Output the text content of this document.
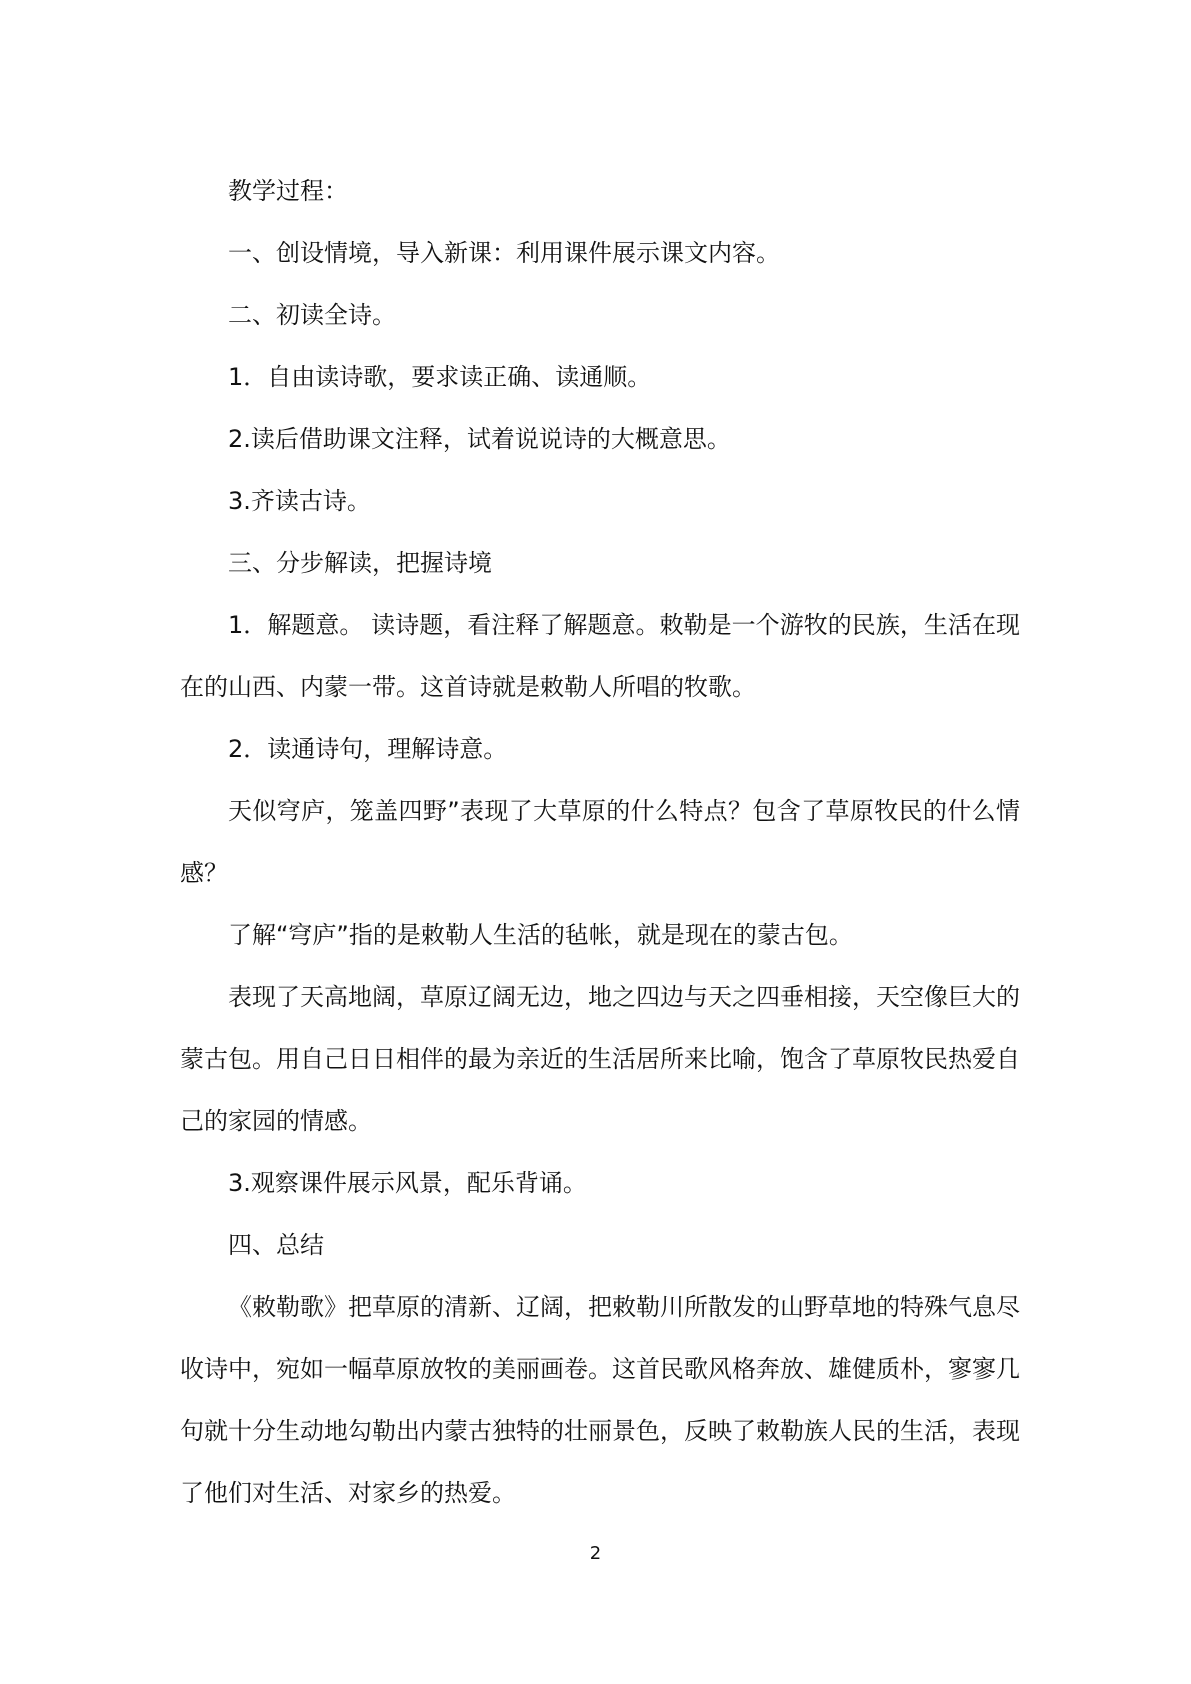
教学过程：

一、创设情境，导入新课：利用课件展示课文内容。

二、初读全诗。

1．自由读诗歌，要求读正确、读通顺。

2.读后借助课文注释，试着说说诗的大概意思。

3.齐读古诗。

三、分步解读，把握诗境

1．解题意。 读诗题，看注释了解题意。敕勒是一个游牧的民族，生活在现在的山西、内蒙一带。这首诗就是敕勒人所唱的牧歌。

2．读通诗句，理解诗意。

天似穹庐，笼盖四野”表现了大草原的什么特点？包含了草原牧民的什么情感？

了解“穹庐”指的是敕勒人生活的毡帐，就是现在的蒙古包。

表现了天高地阔，草原辽阔无边，地之四边与天之四垂相接，天空像巨大的蒙古包。用自己日日相伴的最为亲近的生活居所来比喻，饱含了草原牧民热爱自己的家园的情感。

3.观察课件展示风景，配乐背诵。

四、总结

《敕勒歌》把草原的清新、辽阔，把敕勒川所散发的山野草地的特殊气息尽收诗中，宛如一幅草原放牧的美丽画卷。这首民歌风格奔放、雄健质朴，寥寥几句就十分生动地勾勒出内蒙古独特的壮丽景色，反映了敕勒族人民的生活，表现了他们对生活、对家乡的热爱。

2
